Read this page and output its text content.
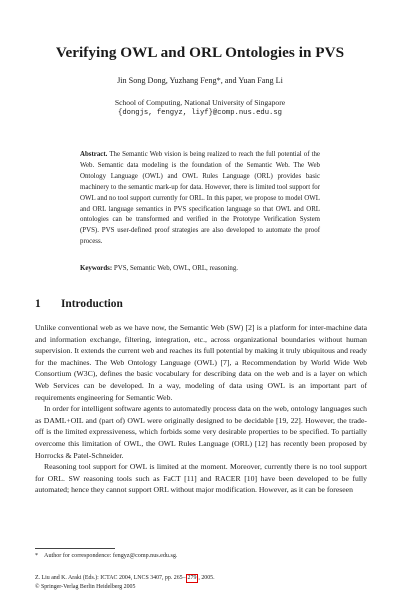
Verifying OWL and ORL Ontologies in PVS
Jin Song Dong, Yuzhang Feng*, and Yuan Fang Li
School of Computing, National University of Singapore
{dongjs, fengyz, liyf}@comp.nus.edu.sg
Abstract. The Semantic Web vision is being realized to reach the full potential of the Web. Semantic data modeling is the foundation of the Semantic Web. The Web Ontology Language (OWL) and OWL Rules Language (ORL) provides basic machinery to the semantic mark-up for data. However, there is limited tool support for OWL and no tool support currently for ORL. In this paper, we propose to model OWL and ORL language semantics in PVS specification language so that OWL and ORL ontologies can be transformed and verified in the Prototype Verification System (PVS). PVS user-defined proof strategies are also developed to automate the proof process.
Keywords: PVS, Semantic Web, OWL, ORL, reasoning.
1 Introduction

Unlike conventional web as we have now, the Semantic Web (SW) [2] is a platform for inter-machine data and information exchange, filtering, integration, etc., across organizational boundaries without human supervision. It extends the current web and reaches its full potential by making it truly ubiquitous and ready for the machines. The Web Ontology Language (OWL) [7], a Recommendation by World Wide Web Consortium (W3C), defines the basic vocabulary for describing data on the web and is a layer on which Web Services can be developed. In a way, modeling of data using OWL is an important part of requirements engineering for Semantic Web.

In order for intelligent software agents to automatedly process data on the web, ontology languages such as DAML+OIL and (part of) OWL were originally designed to be decidable [19, 22]. However, the trade-off is the limited expressiveness, which forbids some very desirable properties to be specified. To partially overcome this limitation of OWL, the OWL Rules Language (ORL) [12] has recently been proposed by Horrocks & Patel-Schneider.

Reasoning tool support for OWL is limited at the moment. Moreover, currently there is no tool support for ORL. SW reasoning tools such as FaCT [11] and RACER [10] have been developed to be fully automated; hence they cannot support ORL without major modification. However, as it can be foreseen

* Author for correspondence: fengyz@comp.nus.edu.sg.
Z. Liu and K. Araki (Eds.): ICTAC 2004, LNCS 3407, pp. 265– 279 , 2005.
© Springer-Verlag Berlin Heidelberg 2005
